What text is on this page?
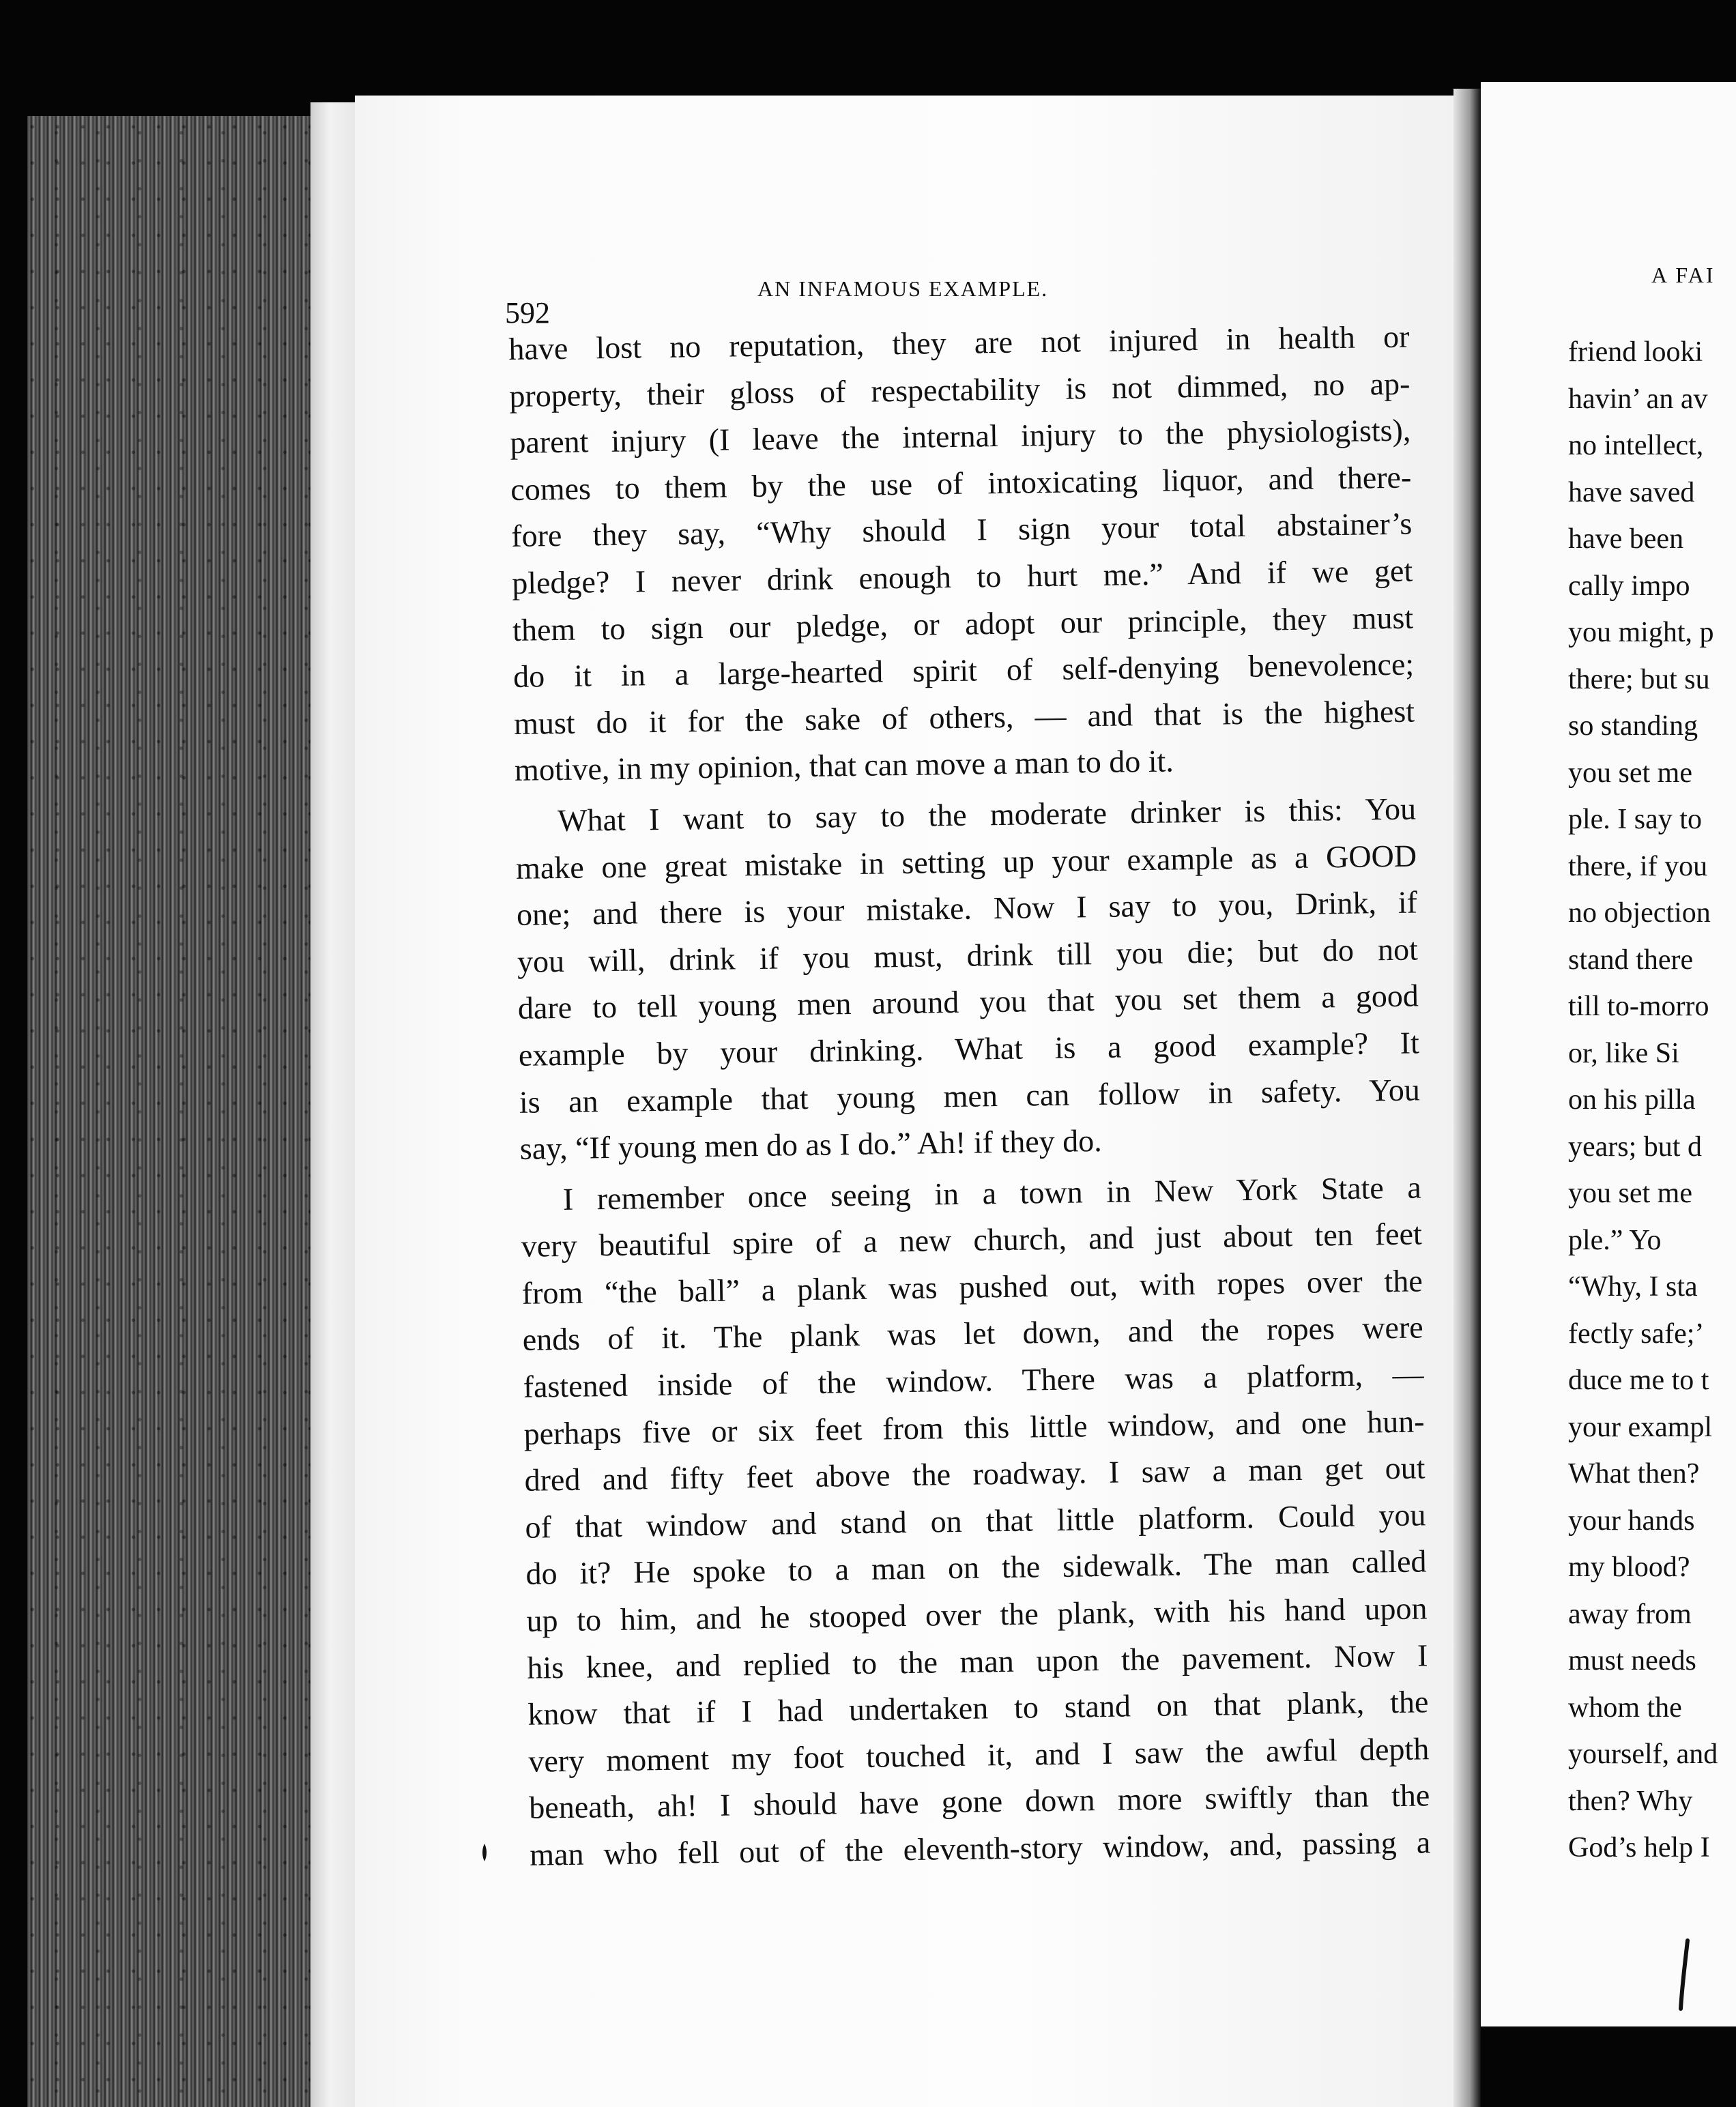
592
AN INFAMOUS EXAMPLE.
have lost no reputation, they are not injured in health or
property, their gloss of respectability is not dimmed, no ap-
parent injury (I leave the internal injury to the physiologists),
comes to them by the use of intoxicating liquor, and there-
fore they say, “Why should I sign your total abstainer’s
pledge? I never drink enough to hurt me.” And if we get
them to sign our pledge, or adopt our principle, they must
do it in a large-hearted spirit of self-denying benevolence;
must do it for the sake of others, — and that is the highest
motive, in my opinion, that can move a man to do it.
What I want to say to the moderate drinker is this: You
make one great mistake in setting up your example as a GOOD
one; and there is your mistake. Now I say to you, Drink, if
you will, drink if you must, drink till you die; but do not
dare to tell young men around you that you set them a good
example by your drinking. What is a good example? It
is an example that young men can follow in safety. You
say, “If young men do as I do.” Ah! if they do.
I remember once seeing in a town in New York State a
very beautiful spire of a new church, and just about ten feet
from “the ball” a plank was pushed out, with ropes over the
ends of it. The plank was let down, and the ropes were
fastened inside of the window. There was a platform, —
perhaps five or six feet from this little window, and one hun-
dred and fifty feet above the roadway. I saw a man get out
of that window and stand on that little platform. Could you
do it? He spoke to a man on the sidewalk. The man called
up to him, and he stooped over the plank, with his hand upon
his knee, and replied to the man upon the pavement. Now I
know that if I had undertaken to stand on that plank, the
very moment my foot touched it, and I saw the awful depth
beneath, ah! I should have gone down more swiftly than the
man who fell out of the eleventh-story window, and, passing a
A FAI
friend looki
havin’ an av
no intellect,
have saved
have been
cally impo
you might, p
there; but su
so standing
you set me
ple. I say to
there, if you
no objection
stand there
till to-morro
or, like Si
on his pilla
years; but d
you set me
ple.” Yo
“Why, I sta
fectly safe;’
duce me to t
your exampl
What then?
your hands
my blood?
away from
must needs
whom the
yourself, and
then? Why
God’s help I
